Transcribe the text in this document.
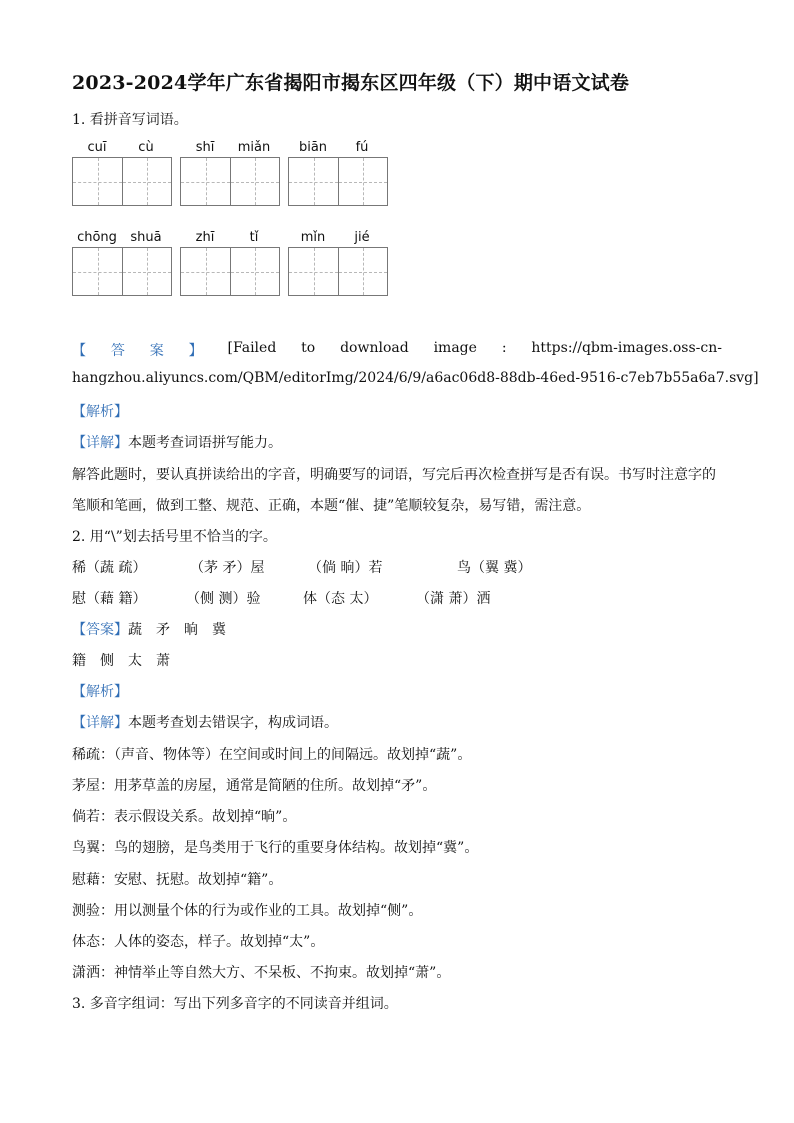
2023-2024学年广东省揭阳市揭东区四年级（下）期中语文试卷
1. 看拼音写词语。
cuī	cù	shī	miǎn	biān	fú
chōng	shuā	zhī	tǐ	mǐn	jié
【 答 案 】 [Failed to download image : https://qbm-images.oss-cn-
hangzhou.aliyuncs.com/QBM/editorImg/2024/6/9/a6ac06d8-88db-46ed-9516-c7eb7b55a6a7.svg]
【解析】
【详解】本题考查词语拼写能力。
解答此题时，要认真拼读给出的字音，明确要写的词语，写完后再次检查拼写是否有误。书写时注意字的
笔顺和笔画，做到工整、规范、正确，本题“催、捷”笔顺较复杂，易写错，需注意。
2. 用“\”划去括号里不恰当的字。
稀（蔬 疏）	（茅 矛）屋	（倘 晌）若	鸟（翼 冀）
慰（藉 籍）	（侧 测）验	体（态 太）	（潇 萧）洒
【答案】蔬　矛　晌　冀
籍　侧　太　萧
【解析】
【详解】本题考查划去错误字，构成词语。
稀疏：（声音、物体等）在空间或时间上的间隔远。故划掉“蔬”。
茅屋：用茅草盖的房屋，通常是简陋的住所。故划掉“矛”。
倘若：表示假设关系。故划掉“晌”。
鸟翼：鸟的翅膀，是鸟类用于飞行的重要身体结构。故划掉“冀”。
慰藉：安慰、抚慰。故划掉“籍”。
测验：用以测量个体的行为或作业的工具。故划掉“侧”。
体态：人体的姿态，样子。故划掉“太”。
潇洒：神情举止等自然大方、不呆板、不拘束。故划掉“萧”。
3. 多音字组词：写出下列多音字的不同读音并组词。
